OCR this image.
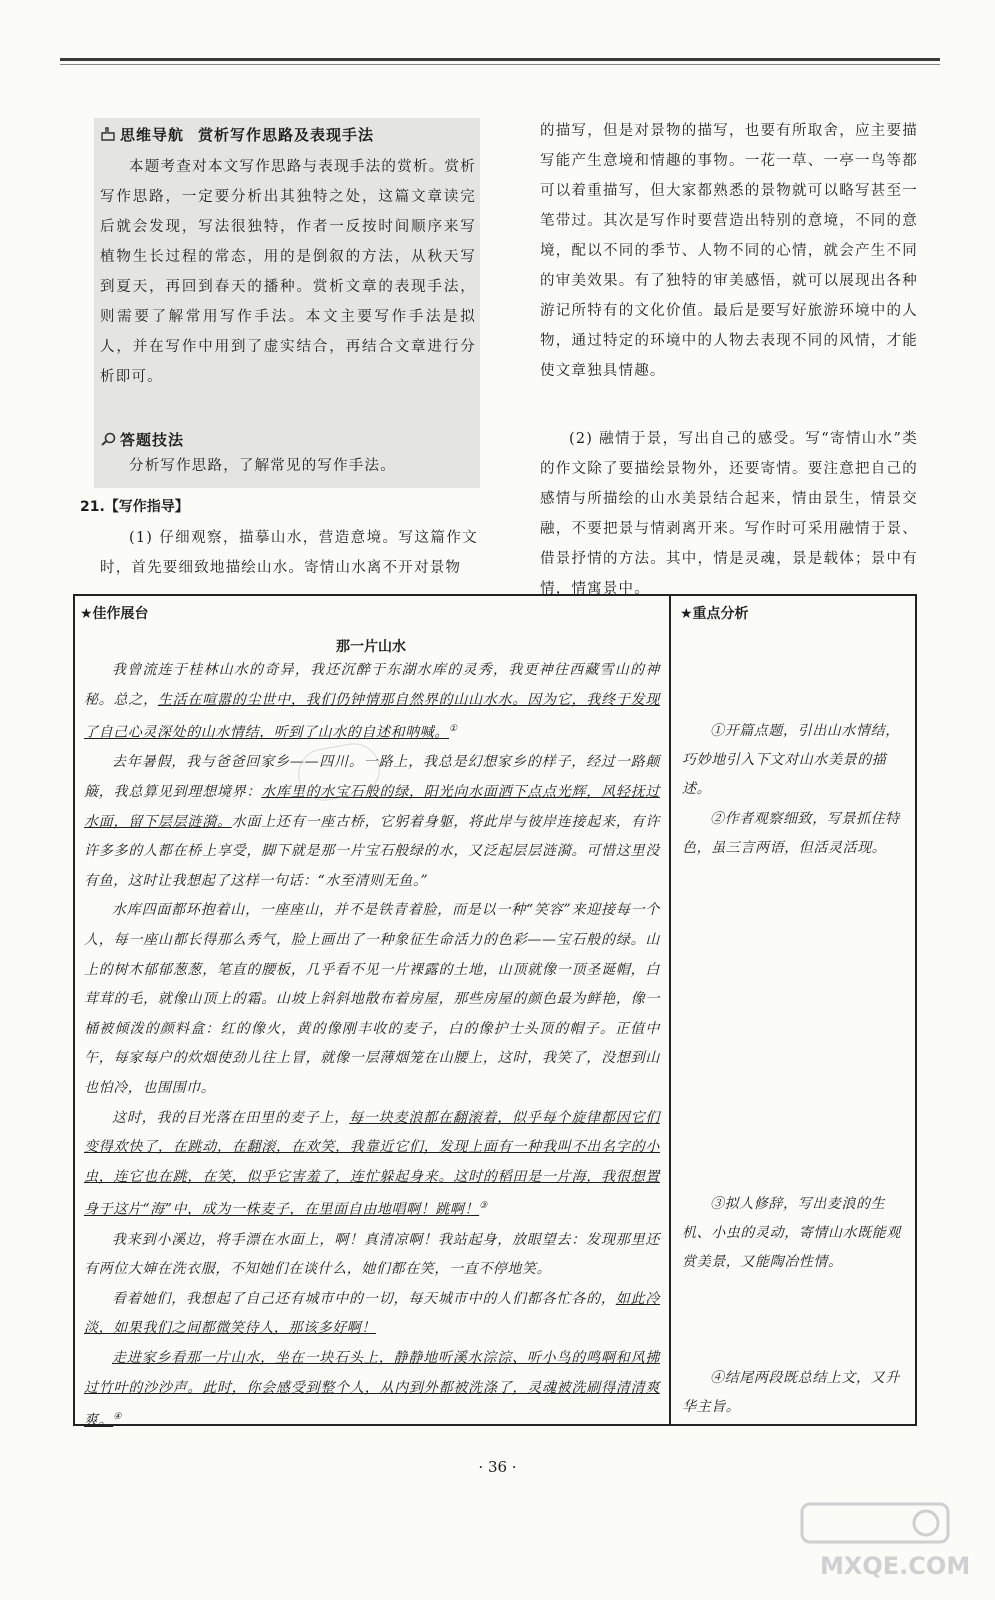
思维导航 赏析写作思路及表现手法

本题考查对本文写作思路与表现手法的赏析。赏析写作思路，一定要分析出其独特之处，这篇文章读完后就会发现，写法很独特，作者一反按时间顺序来写植物生长过程的常态，用的是倒叙的方法，从秋天写到夏天，再回到春天的播种。赏析文章的表现手法，则需要了解常用写作手法。本文主要写作手法是拟人，并在写作中用到了虚实结合，再结合文章进行分析即可。

答题技法

分析写作思路，了解常见的写作手法。

21.【写作指导】

(1) 仔细观察，描摹山水，营造意境。写这篇作文时，首先要细致地描绘山水。寄情山水离不开对景物

的描写，但是对景物的描写，也要有所取舍，应主要描写能产生意境和情趣的事物。一花一草、一亭一鸟等都可以着重描写，但大家都熟悉的景物就可以略写甚至一笔带过。其次是写作时要营造出特别的意境，不同的意境，配以不同的季节、人物不同的心情，就会产生不同的审美效果。有了独特的审美感悟，就可以展现出各种游记所特有的文化价值。最后是要写好旅游环境中的人物，通过特定的环境中的人物去表现不同的风情，才能使文章独具情趣。

(2) 融情于景，写出自己的感受。写“寄情山水”类的作文除了要描绘景物外，还要寄情。要注意把自己的感情与所描绘的山水美景结合起来，情由景生，情景交融，不要把景与情剥离开来。写作时可采用融情于景、借景抒情的方法。其中，情是灵魂，景是载体；景中有情，情寓景中。

★佳作展台	★重点分析
那一片山水

我曾流连于桂林山水的奇异，我还沉醉于东湖水库的灵秀，我更神往西藏雪山的神秘。总之，生活在喧嚣的尘世中，我们仍钟情那自然界的山山水水。因为它，我终于发现了自己心灵深处的山水情结，听到了山水的自述和呐喊。①

去年暑假，我与爸爸回家乡——四川。一路上，我总是幻想家乡的样子，经过一路颠簸，我总算见到理想境界：水库里的水宝石般的绿，阳光向水面洒下点点光辉，风轻抚过水面，留下层层涟漪。水面上还有一座古桥，它躬着身躯，将此岸与彼岸连接起来，有许许多多的人都在桥上享受，脚下就是那一片宝石般绿的水，又泛起层层涟漪。可惜这里没有鱼，这时让我想起了这样一句话：“水至清则无鱼。”

水库四面都环抱着山，一座座山，并不是铁青着脸，而是以一种“笑容”来迎接每一个人，每一座山都长得那么秀气，脸上画出了一种象征生命活力的色彩——宝石般的绿。山上的树木郁郁葱葱，笔直的腰板，几乎看不见一片裸露的土地，山顶就像一顶圣诞帽，白茸茸的毛，就像山顶上的霜。山坡上斜斜地散布着房屋，那些房屋的颜色最为鲜艳，像一桶被倾泼的颜料盒：红的像火，黄的像刚丰收的麦子，白的像护士头顶的帽子。正值中午，每家每户的炊烟使劲儿往上冒，就像一层薄烟笼在山腰上，这时，我笑了，没想到山也怕冷，也围围巾。

这时，我的目光落在田里的麦子上，每一块麦浪都在翻滚着，似乎每个旋律都因它们变得欢快了，在跳动，在翻滚，在欢笑，我靠近它们，发现上面有一种我叫不出名字的小虫，连它也在跳，在笑，似乎它害羞了，连忙躲起身来。这时的稻田是一片海，我很想置身于这片“海”中，成为一株麦子，在里面自由地唱啊！跳啊！③

我来到小溪边，将手漂在水面上，啊！真清凉啊！我站起身，放眼望去：发现那里还有两位大婶在洗衣服，不知她们在谈什么，她们都在笑，一直不停地笑。

看着她们，我想起了自己还有城市中的一切，每天城市中的人们都各忙各的，如此冷淡，如果我们之间都微笑待人，那该多好啊！

走进家乡看那一片山水，坐在一块石头上，静静地听溪水淙淙、听小鸟的鸣啊和风拂过竹叶的沙沙声。此时，你会感受到整个人，从内到外都被洗涤了，灵魂被洗刷得清清爽爽。④

①开篇点题，引出山水情结，巧妙地引入下文对山水美景的描述。
②作者观察细致，写景抓住特色，虽三言两语，但活灵活现。
③拟人修辞，写出麦浪的生机、小虫的灵动，寄情山水既能观赏美景，又能陶冶性情。
④结尾两段既总结上文，又升华主旨。
· 36 ·
MXQE.COM
